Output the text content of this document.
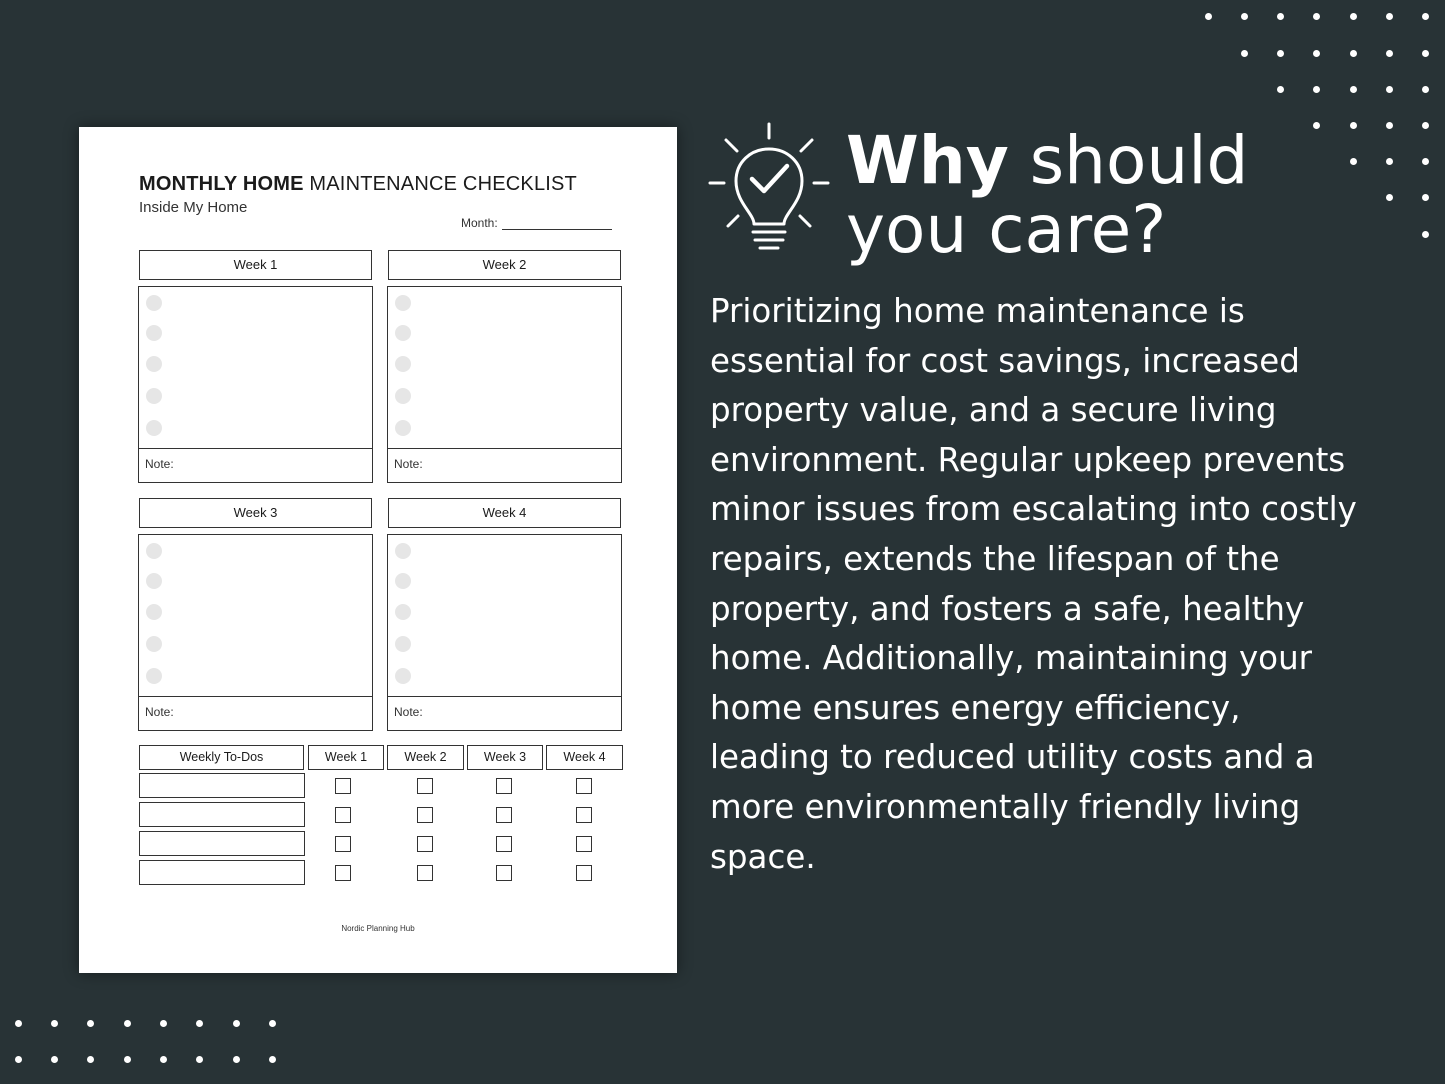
MONTHLY HOME MAINTENANCE CHECKLIST
Inside My Home
Month:
Week 1
Note:
Week 2
Note:
Week 3
Note:
Week 4
Note:
Weekly To-Dos	Week 1	Week 2	Week 3	Week 4
Nordic Planning Hub
Why should
you care?
Prioritizing home maintenance is essential for cost savings, increased property value, and a secure living environment. Regular upkeep prevents minor issues from escalating into costly repairs, extends the lifespan of the property, and fosters a safe, healthy home. Additionally, maintaining your home ensures energy efficiency, leading to reduced utility costs and a more environmentally friendly living space.
